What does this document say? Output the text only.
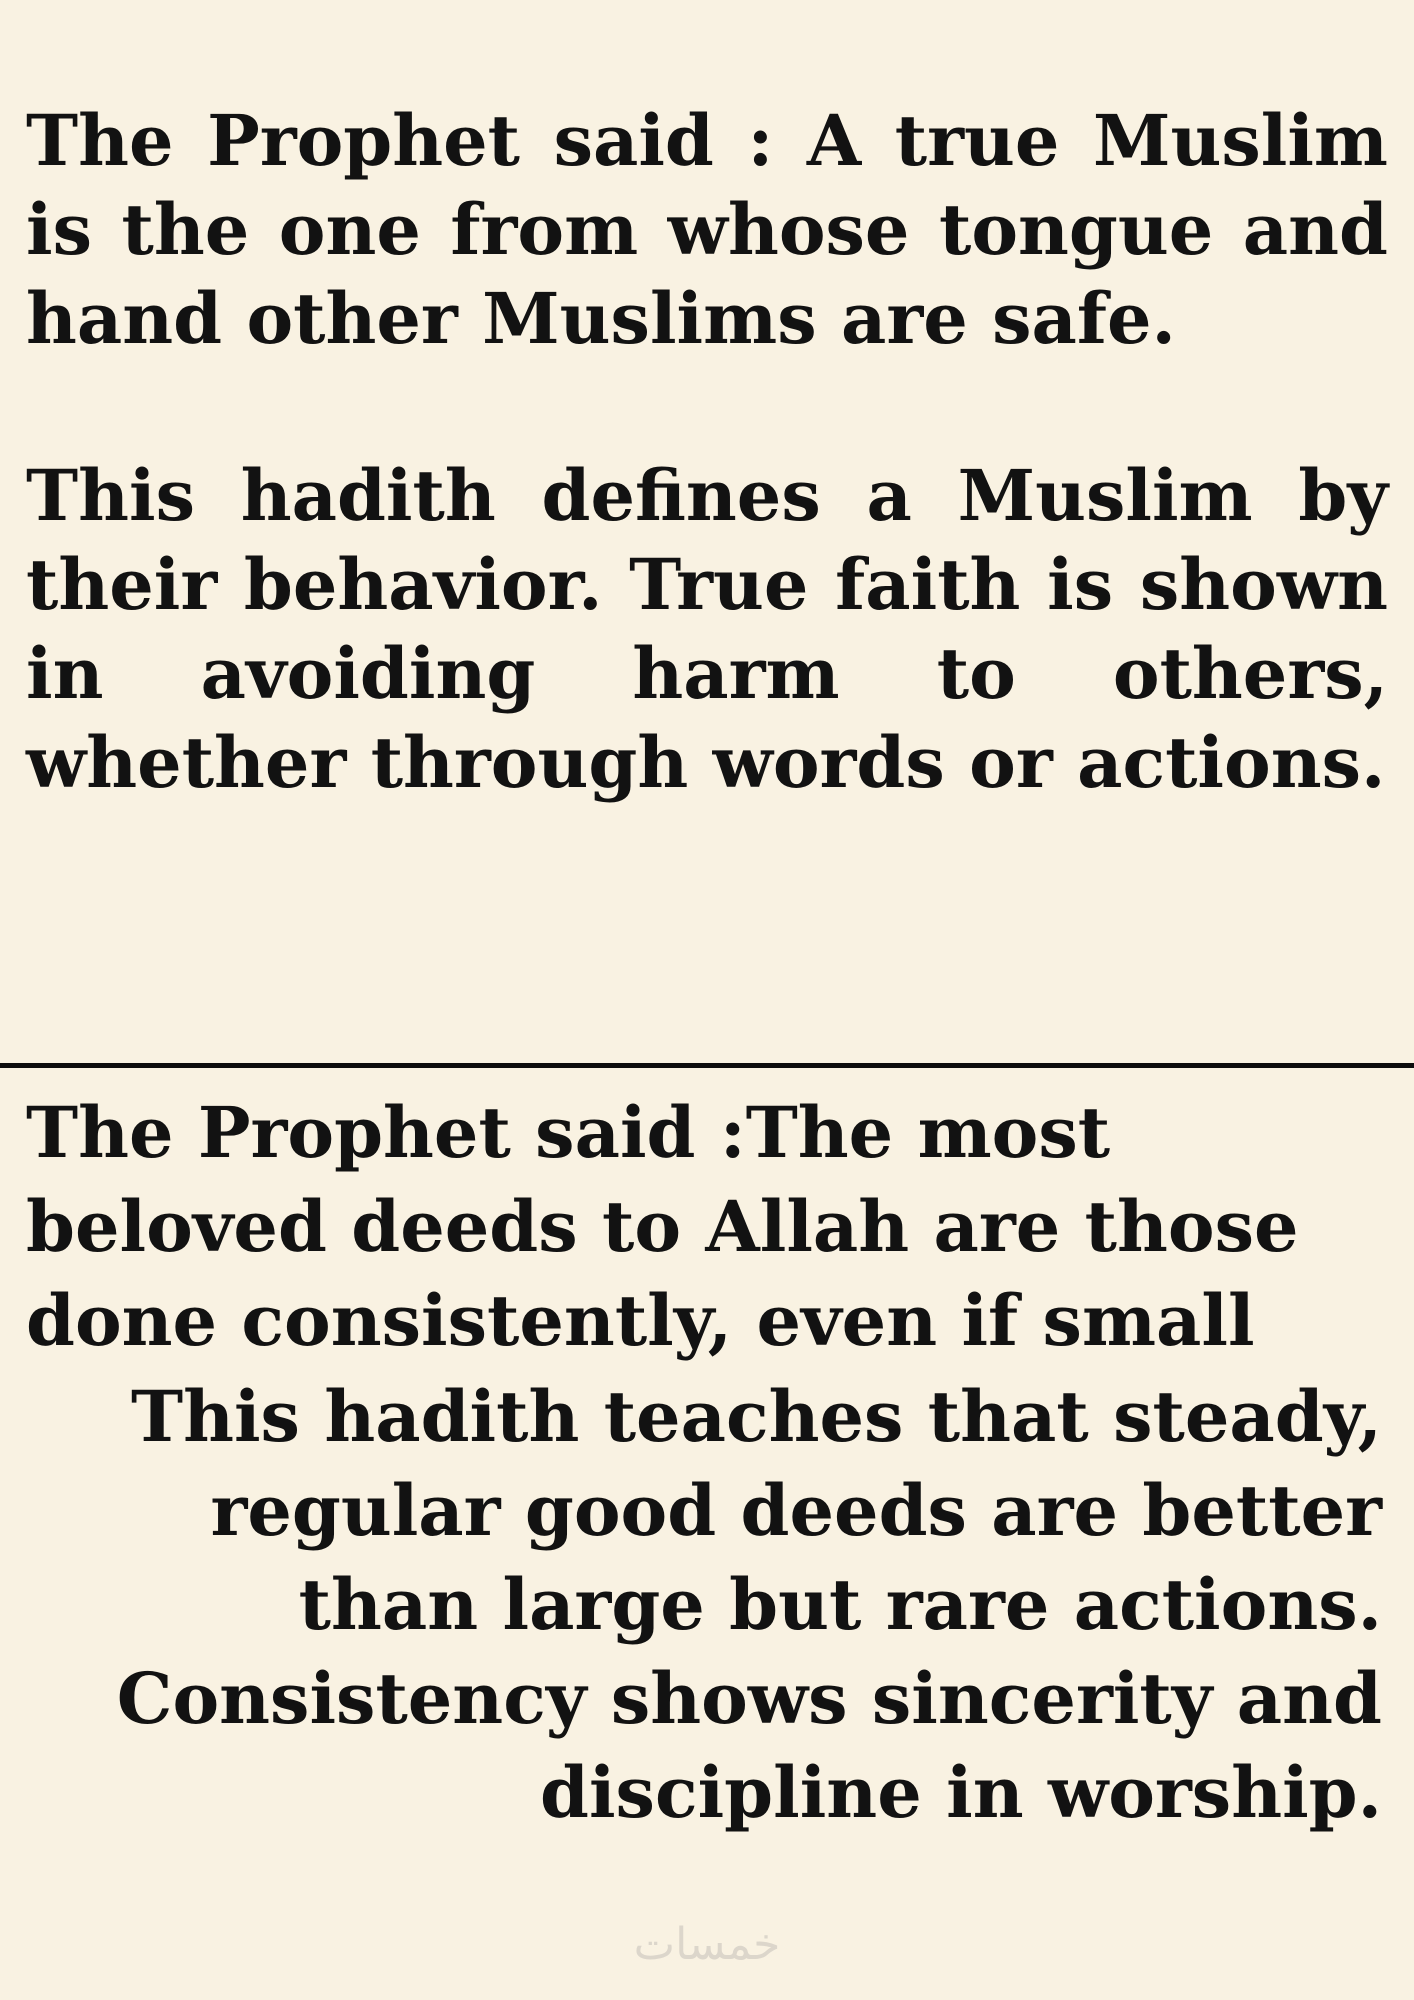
The Prophet said : A true Muslim is the one from whose tongue and hand other Muslims are safe.

This hadith defines a Muslim by their behavior. True faith is shown in avoiding harm to others, whether through words or actions.

The Prophet said :The most beloved deeds to Allah are those done consistently, even if small

This hadith teaches that steady, regular good deeds are better than large but rare actions. Consistency shows sincerity and discipline in worship.

خمسات
